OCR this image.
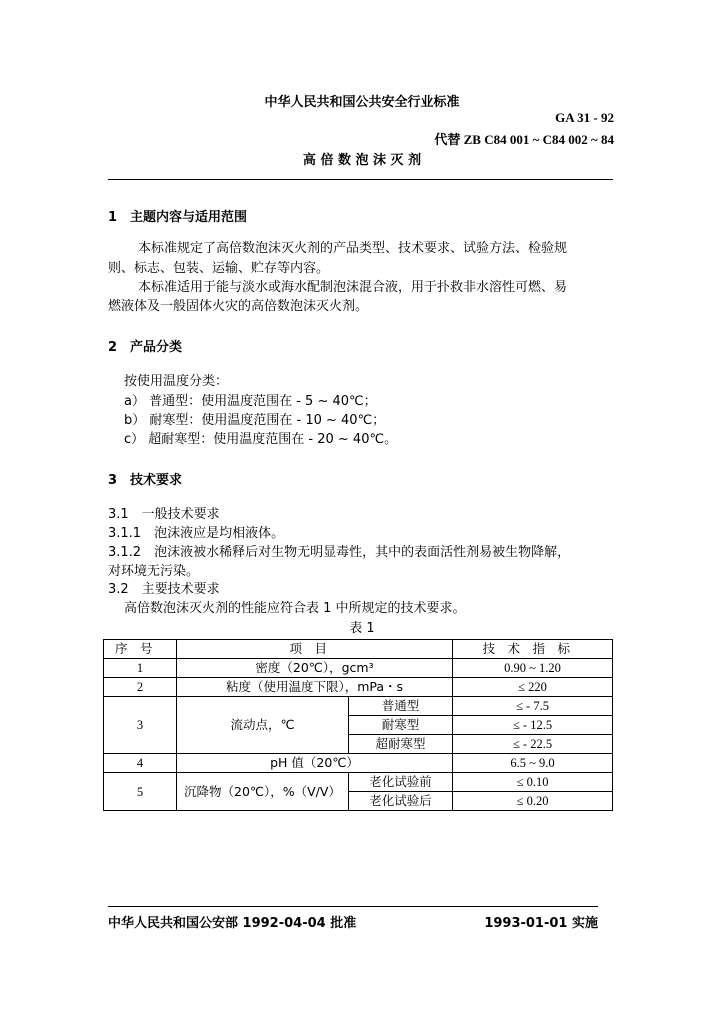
中华人民共和国公共安全行业标准
GA 31 - 92
代替 ZB C84 001 ~ C84 002 ~ 84
高 倍 数 泡 沫 灭 剂
1　主题内容与适用范围
本标准规定了高倍数泡沫灭火剂的产品类型、技术要求、试验方法、检验规
则、标志、包装、运输、贮存等内容。
本标准适用于能与淡水或海水配制泡沫混合液，用于扑救非水溶性可燃、易
燃液体及一般固体火灾的高倍数泡沫灭火剂。
2　产品分类
按使用温度分类：
a） 普通型：使用温度范围在 - 5 ~ 40℃；
b） 耐寒型：使用温度范围在 - 10 ~ 40℃；
c） 超耐寒型：使用温度范围在 - 20 ~ 40℃。
3　技术要求
3.1　一般技术要求
3.1.1　泡沫液应是均相液体。
3.1.2　泡沫液被水稀释后对生物无明显毒性，其中的表面活性剂易被生物降解，
对环境无污染。
3.2　主要技术要求
高倍数泡沫灭火剂的性能应符合表 1 中所规定的技术要求。
表 1
序号	项目		技术指标
1	密度（20℃），gcm³		0.90 ~ 1.20
2	粘度（使用温度下限），mPa・s		≤ 220
3	流动点，℃	普通型	≤ - 7.5
		耐寒型	≤ - 12.5
		超耐寒型	≤ - 22.5
4	pH 值（20℃）		6.5 ~ 9.0
5	沉降物（20℃），%（V/V）	老化试验前	≤ 0.10
		老化试验后	≤ 0.20
中华人民共和国公安部 1992-04-04 批准	1993-01-01 实施
